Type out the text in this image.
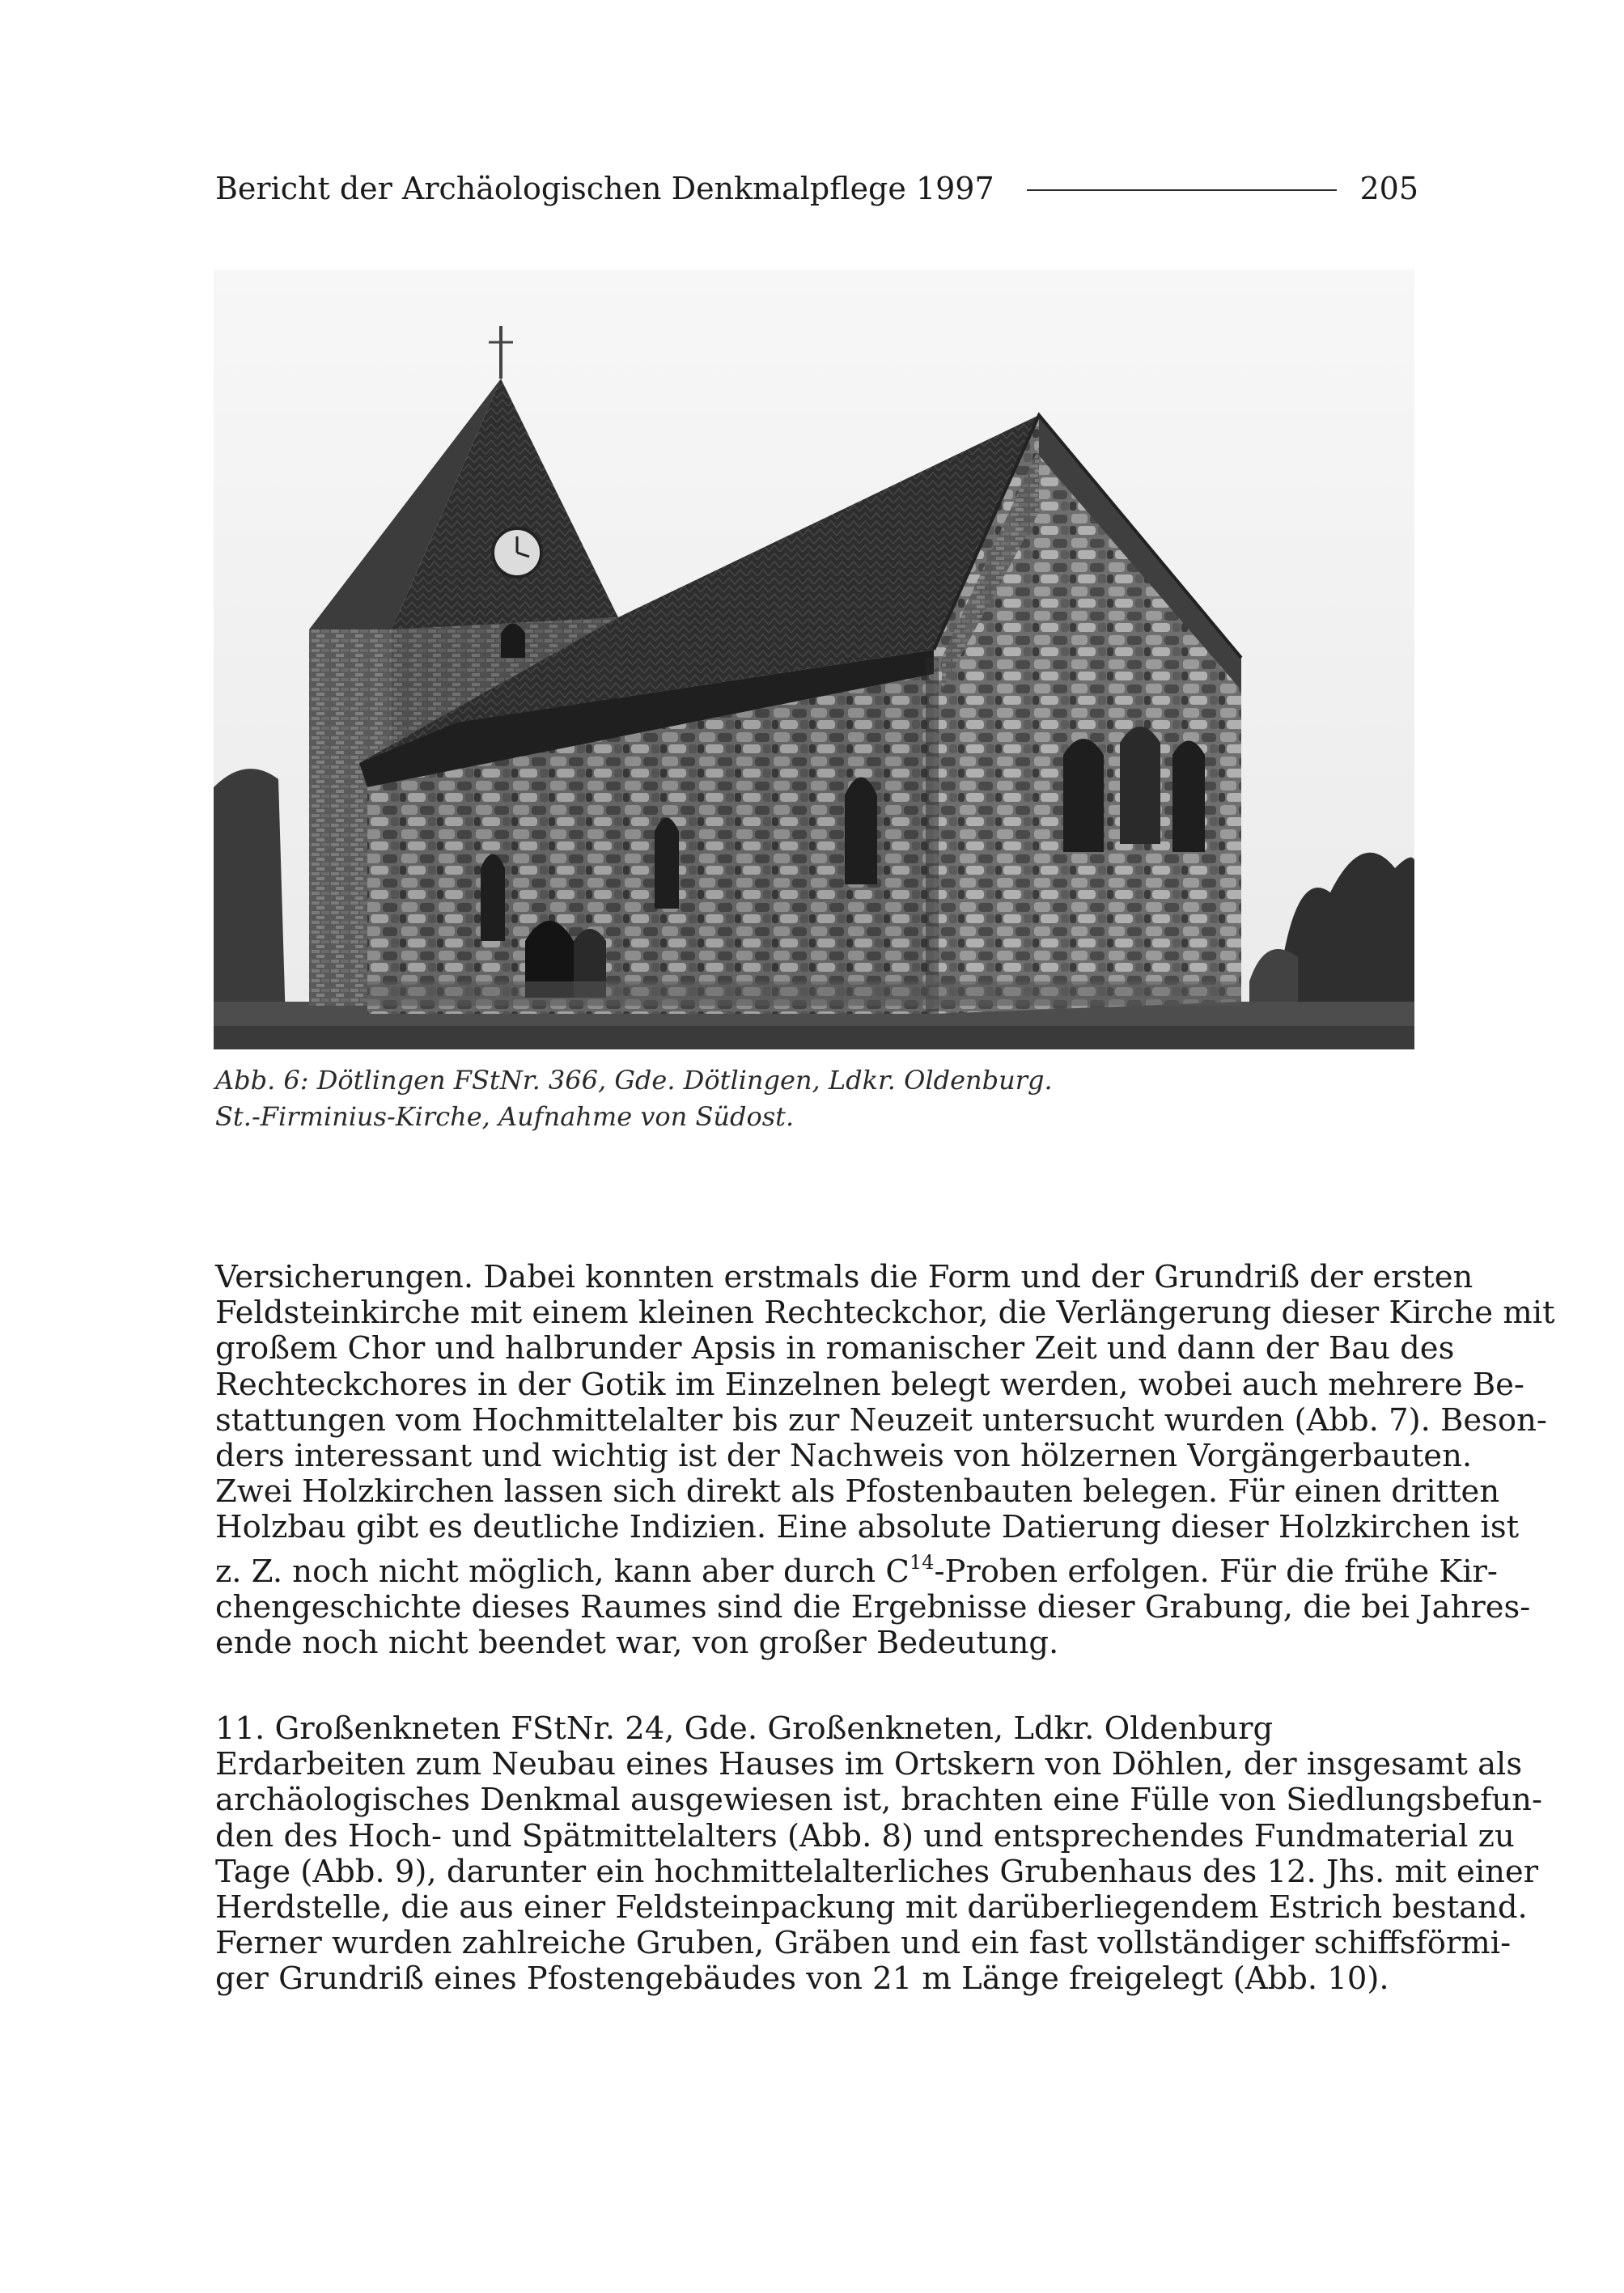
Bericht der Archäologischen Denkmalpflege 1997	205
Abb. 6: Dötlingen FStNr. 366, Gde. Dötlingen, Ldkr. Oldenburg.
St.-Firminius-Kirche, Aufnahme von Südost.
Versicherungen. Dabei konnten erstmals die Form und der Grundriß der ersten
Feldsteinkirche mit einem kleinen Rechteckchor, die Verlängerung dieser Kirche mit
großem Chor und halbrunder Apsis in romanischer Zeit und dann der Bau des
Rechteckchores in der Gotik im Einzelnen belegt werden, wobei auch mehrere Be-
stattungen vom Hochmittelalter bis zur Neuzeit untersucht wurden (Abb. 7). Beson-
ders interessant und wichtig ist der Nachweis von hölzernen Vorgängerbauten.
Zwei Holzkirchen lassen sich direkt als Pfostenbauten belegen. Für einen dritten
Holzbau gibt es deutliche Indizien. Eine absolute Datierung dieser Holzkirchen ist
z. Z. noch nicht möglich, kann aber durch $C^{14}$-Proben erfolgen. Für die frühe Kir-
chengeschichte dieses Raumes sind die Ergebnisse dieser Grabung, die bei Jahres-
ende noch nicht beendet war, von großer Bedeutung.
11. Großenkneten FStNr. 24, Gde. Großenkneten, Ldkr. Oldenburg
Erdarbeiten zum Neubau eines Hauses im Ortskern von Döhlen, der insgesamt als
archäologisches Denkmal ausgewiesen ist, brachten eine Fülle von Siedlungsbefun-
den des Hoch- und Spätmittelalters (Abb. 8) und entsprechendes Fundmaterial zu
Tage (Abb. 9), darunter ein hochmittelalterliches Grubenhaus des 12. Jhs. mit einer
Herdstelle, die aus einer Feldsteinpackung mit darüberliegendem Estrich bestand.
Ferner wurden zahlreiche Gruben, Gräben und ein fast vollständiger schiffsförmi-
ger Grundriß eines Pfostengebäudes von 21 m Länge freigelegt (Abb. 10).
